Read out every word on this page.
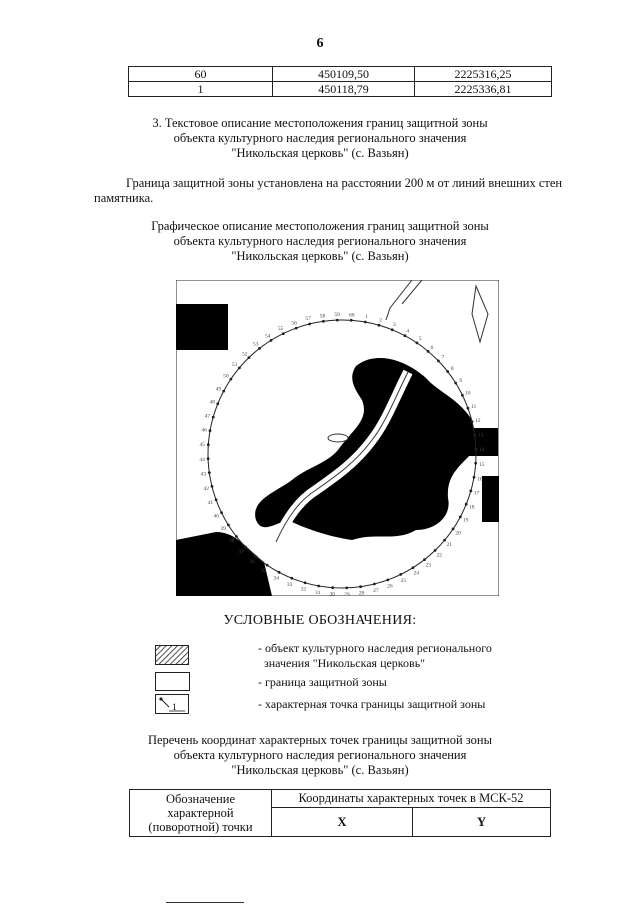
6
60	450109,50	2225316,25
1	450118,79	2225336,81
3. Текстовое описание местоположения границ защитной зоны
объекта культурного наследия регионального значения
"Никольская церковь" (с. Вазьян)
Граница защитной зоны установлена на расстоянии 200 м от линий внешних стен
памятника.
Графическое описание местоположения границ защитной зоны
объекта культурного наследия регионального значения
"Никольская церковь" (с. Вазьян)
1
2
3
4
5
6
7
8
9
10
11
12
13
14
15
16
17
18
19
20
21
22
23
24
25
26
27
28
29
30
31
32
33
34
35
36
37
38
39
40
41
42
43
44
45
46
47
48
49
50
51
52
53
54
55
56
57 58 59 60
УСЛОВНЫЕ ОБОЗНАЧЕНИЯ:
- объект культурного наследия регионального
значения "Никольская церковь"
- граница защитной зоны
1	- характерная точка границы защитной зоны
Перечень координат характерных точек границы защитной зоны
объекта культурного наследия регионального значения
"Никольская церковь" (с. Вазьян)
Обозначение
характерной
(поворотной) точки	Координаты характерных точек в МСК-52	
	X	Y
